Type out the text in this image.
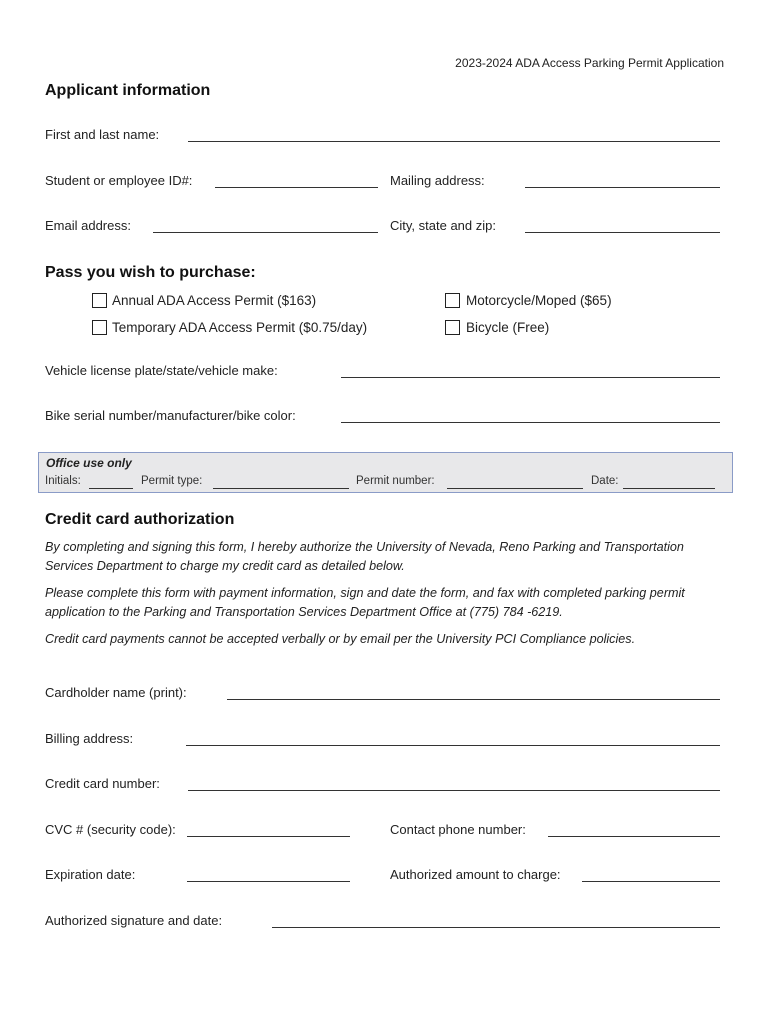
2023-2024 ADA Access Parking Permit Application
Applicant information
First and last name:
Student or employee ID#:	Mailing address:
Email address:	City, state and zip:
Pass you wish to purchase:
Annual ADA Access Permit ($163)
Temporary ADA Access Permit ($0.75/day)
Motorcycle/Moped ($65)
Bicycle (Free)
Vehicle license plate/state/vehicle make:
Bike serial number/manufacturer/bike color:
Office use only
Initials:	Permit type:	Permit number:	Date:
Credit card authorization
By completing and signing this form, I hereby authorize the University of Nevada, Reno Parking and Transportation Services Department to charge my credit card as detailed below.
Please complete this form with payment information, sign and date the form, and fax with completed parking permit application to the Parking and Transportation Services Department Office at (775) 784 -6219.
Credit card payments cannot be accepted verbally or by email per the University PCI Compliance policies.
Cardholder name (print):
Billing address:
Credit card number:
CVC # (security code):	Contact phone number:
Expiration date:	Authorized amount to charge:
Authorized signature and date:
